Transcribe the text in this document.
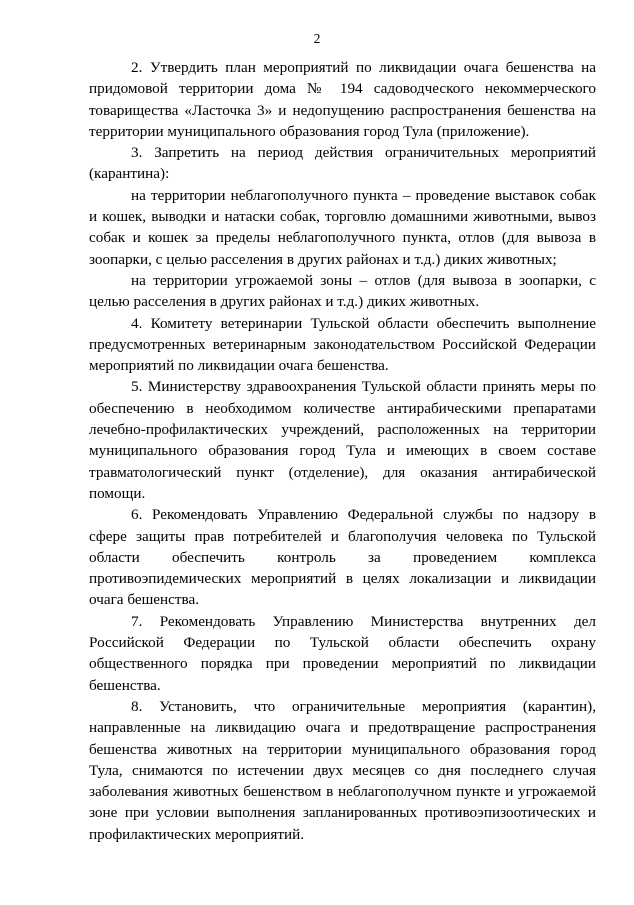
2

2. Утвердить план мероприятий по ликвидации очага бешенства на придомовой территории дома № 194 садоводческого некоммерческого товарищества «Ласточка 3» и недопущению распространения бешенства на территории муниципального образования город Тула (приложение).

3. Запретить на период действия ограничительных мероприятий (карантина):

на территории неблагополучного пункта – проведение выставок собак и кошек, выводки и натаски собак, торговлю домашними животными, вывоз собак и кошек за пределы неблагополучного пункта, отлов (для вывоза в зоопарки, с целью расселения в других районах и т.д.) диких животных;

на территории угрожаемой зоны – отлов (для вывоза в зоопарки, с целью расселения в других районах и т.д.) диких животных.

4. Комитету ветеринарии Тульской области обеспечить выполнение предусмотренных ветеринарным законодательством Российской Федерации мероприятий по ликвидации очага бешенства.

5. Министерству здравоохранения Тульской области принять меры по обеспечению в необходимом количестве антирабическими препаратами лечебно-профилактических учреждений, расположенных на территории муниципального образования город Тула и имеющих в своем составе травматологический пункт (отделение), для оказания антирабической помощи.

6. Рекомендовать Управлению Федеральной службы по надзору в сфере защиты прав потребителей и благополучия человека по Тульской области обеспечить контроль за проведением комплекса противоэпидемических мероприятий в целях локализации и ликвидации очага бешенства.

7. Рекомендовать Управлению Министерства внутренних дел Российской Федерации по Тульской области обеспечить охрану общественного порядка при проведении мероприятий по ликвидации бешенства.

8. Установить, что ограничительные мероприятия (карантин), направленные на ликвидацию очага и предотвращение распространения бешенства животных на территории муниципального образования город Тула, снимаются по истечении двух месяцев со дня последнего случая заболевания животных бешенством в неблагополучном пункте и угрожаемой зоне при условии выполнения запланированных противоэпизоотических и профилактических мероприятий.
